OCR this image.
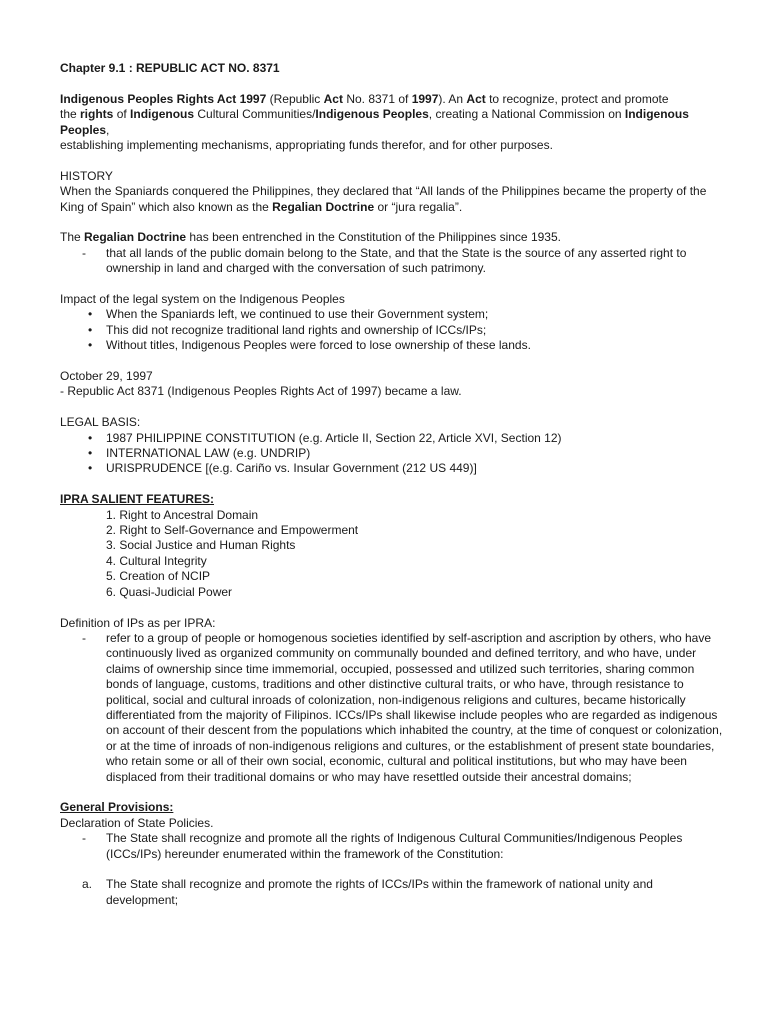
Chapter 9.1 : REPUBLIC ACT NO. 8371

Indigenous Peoples Rights Act 1997 (Republic Act No. 8371 of 1997). An Act to recognize, protect and promote

the rights of Indigenous Cultural Communities/Indigenous Peoples, creating a National Commission on Indigenous Peoples,

establishing implementing mechanisms, appropriating funds therefor, and for other purposes.

HISTORY

When the Spaniards conquered the Philippines, they declared that “All lands of the Philippines became the property of the

King of Spain” which also known as the Regalian Doctrine or “jura regalia”.

The Regalian Doctrine has been entrenched in the Constitution of the Philippines since 1935.

- that all lands of the public domain belong to the State, and that the State is the source of any asserted right to ownership in land and charged with the conversation of such patrimony.

Impact of the legal system on the Indigenous Peoples

• When the Spaniards left, we continued to use their Government system;
• This did not recognize traditional land rights and ownership of ICCs/IPs;
• Without titles, Indigenous Peoples were forced to lose ownership of these lands.

October 29, 1997

- Republic Act 8371 (Indigenous Peoples Rights Act of 1997) became a law.

LEGAL BASIS:

• 1987 PHILIPPINE CONSTITUTION (e.g. Article II, Section 22, Article XVI, Section 12)
• INTERNATIONAL LAW (e.g. UNDRIP)
• URISPRUDENCE [(e.g. Cariño vs. Insular Government (212 US 449)]

IPRA SALIENT FEATURES:

1. Right to Ancestral Domain

2. Right to Self-Governance and Empowerment

3. Social Justice and Human Rights

4. Cultural Integrity

5. Creation of NCIP

6. Quasi-Judicial Power

Definition of IPs as per IPRA:

- refer to a group of people or homogenous societies identified by self-ascription and ascription by others, who have continuously lived as organized community on communally bounded and defined territory, and who have, under claims of ownership since time immemorial, occupied, possessed and utilized such territories, sharing common bonds of language, customs, traditions and other distinctive cultural traits, or who have, through resistance to political, social and cultural inroads of colonization, non-indigenous religions and cultures, became historically differentiated from the majority of Filipinos. ICCs/IPs shall likewise include peoples who are regarded as indigenous on account of their descent from the populations which inhabited the country, at the time of conquest or colonization, or at the time of inroads of non-indigenous religions and cultures, or the establishment of present state boundaries, who retain some or all of their own social, economic, cultural and political institutions, but who may have been displaced from their traditional domains or who may have resettled outside their ancestral domains;

General Provisions:

Declaration of State Policies.

- The State shall recognize and promote all the rights of Indigenous Cultural Communities/Indigenous Peoples (ICCs/IPs) hereunder enumerated within the framework of the Constitution:
a. The State shall recognize and promote the rights of ICCs/IPs within the framework of national unity and development;
